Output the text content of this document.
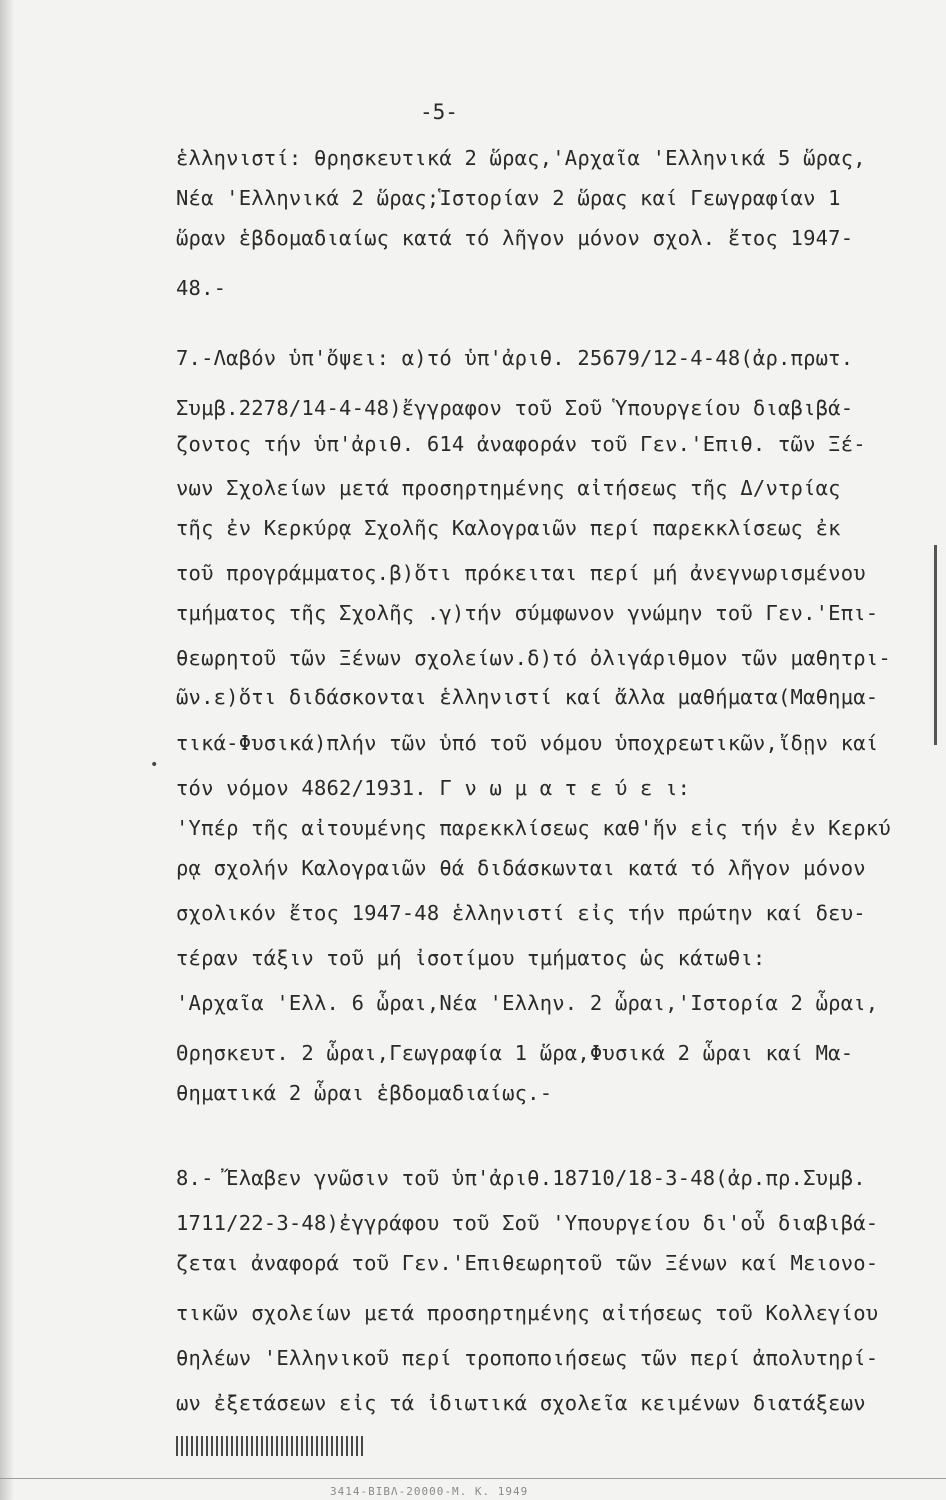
-5-
ἑλληνιστί: θρησκευτικά 2 ὥρας,'Αρχαῖα 'Ελληνικά 5 ὥρας,
Νέα 'Ελληνικά 2 ὥρας;Ἱστορίαν 2 ὥρας καί Γεωγραφίαν 1
ὥραν ἑβδομαδιαίως κατά τό λῆγον μόνον σχολ. ἔτος 1947-
48.-
7.-Λαβόν ὑπ'ὄψει: α)τό ὑπ'ἀριθ. 25679/12-4-48(ἀρ.πρωτ.
Συμβ.2278/14-4-48)ἔγγραφον τοῦ Σοῦ Ὑπουργείου διαβιβά-
ζοντος τήν ὑπ'ἀριθ. 614 ἀναφοράν τοῦ Γεν.'Επιθ. τῶν Ξέ-
νων Σχολείων μετά προσηρτημένης αἰτήσεως τῆς Δ/ντρίας
τῆς ἐν Κερκύρᾳ Σχολῆς Καλογραιῶν περί παρεκκλίσεως ἐκ
τοῦ προγράμματος.β)ὅτι πρόκειται περί μή ἀνεγνωρισμένου
τμήματος τῆς Σχολῆς .γ)τήν σύμφωνον γνώμην τοῦ Γεν.'Επι-
θεωρητοῦ τῶν Ξένων σχολείων.δ)τό ὀλιγάριθμον τῶν μαθητρι-
ῶν.ε)ὅτι διδάσκονται ἑλληνιστί καί ἄλλα μαθήματα(Μαθημα-
τικά-Φυσικά)πλήν τῶν ὑπό τοῦ νόμου ὑποχρεωτικῶν,ἴδῃν καί
τόν νόμον 4862/1931. Γ ν ω μ α τ ε ύ ε ι:
'Υπέρ τῆς αἰτουμένης παρεκκλίσεως καθ'ἥν εἰς τήν ἐν Κερκύ
ρᾳ σχολήν Καλογραιῶν θά διδάσκωνται κατά τό λῆγον μόνον
σχολικόν ἔτος 1947-48 ἑλληνιστί εἰς τήν πρώτην καί δευ-
τέραν τάξιν τοῦ μή ἰσοτίμου τμήματος ὡς κάτωθι:
'Αρχαῖα 'Ελλ. 6 ὧραι,Νέα 'Ελλην. 2 ὧραι,'Ιστορία 2 ὧραι,
Θρησκευτ. 2 ὧραι,Γεωγραφία 1 ὥρα,Φυσικά 2 ὧραι καί Μα-
θηματικά 2 ὧραι ἑβδομαδιαίως.-
8.- Ἔλαβεν γνῶσιν τοῦ ὑπ'ἀριθ.18710/18-3-48(ἀρ.πρ.Συμβ.
1711/22-3-48)ἐγγράφου τοῦ Σοῦ 'Υπουργείου δι'οὗ διαβιβά-
ζεται ἀναφορά τοῦ Γεν.'Επιθεωρητοῦ τῶν Ξένων καί Μειονο-
τικῶν σχολείων μετά προσηρτημένης αἰτήσεως τοῦ Κολλεγίου
θηλέων 'Ελληνικοῦ περί τροποποιήσεως τῶν περί ἀπολυτηρί-
ων ἐξετάσεων εἰς τά ἰδιωτικά σχολεῖα κειμένων διατάξεων
•
3414-ΒΙΒΛ-20000-Μ. Κ. 1949
